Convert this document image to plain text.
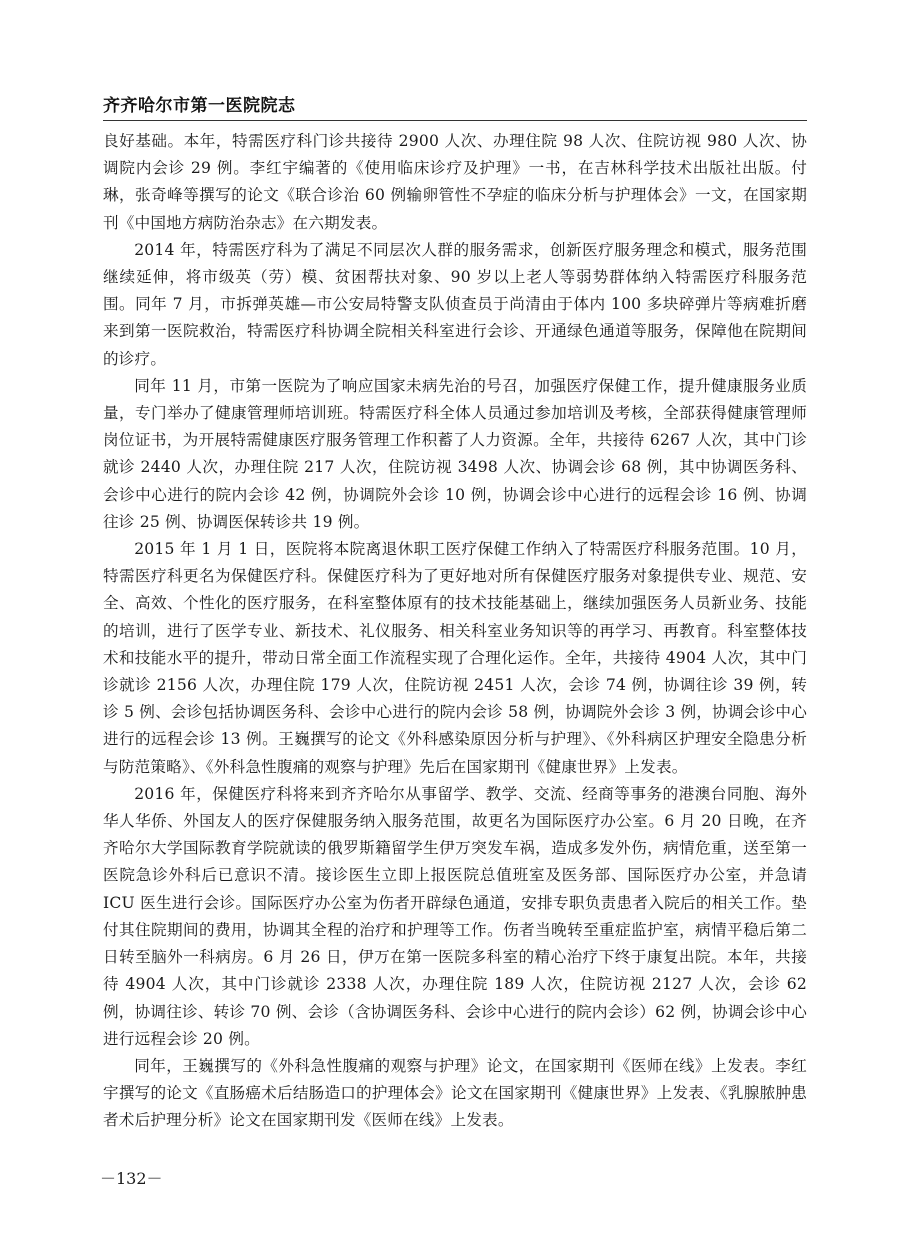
齐齐哈尔市第一医院院志

良好基础。本年，特需医疗科门诊共接待 2900 人次、办理住院 98 人次、住院访视 980 人次、协调院内会诊 29 例。李红宇编著的《使用临床诊疗及护理》一书，在吉林科学技术出版社出版。付琳，张奇峰等撰写的论文《联合诊治 60 例输卵管性不孕症的临床分析与护理体会》一文，在国家期刊《中国地方病防治杂志》在六期发表。

2014 年，特需医疗科为了满足不同层次人群的服务需求，创新医疗服务理念和模式，服务范围继续延伸，将市级英（劳）模、贫困帮扶对象、90 岁以上老人等弱势群体纳入特需医疗科服务范围。同年 7 月，市拆弹英雄—市公安局特警支队侦查员于尚清由于体内 100 多块碎弹片等病难折磨来到第一医院救治，特需医疗科协调全院相关科室进行会诊、开通绿色通道等服务，保障他在院期间的诊疗。

同年 11 月，市第一医院为了响应国家未病先治的号召，加强医疗保健工作，提升健康服务业质量，专门举办了健康管理师培训班。特需医疗科全体人员通过参加培训及考核，全部获得健康管理师岗位证书，为开展特需健康医疗服务管理工作积蓄了人力资源。全年，共接待 6267 人次，其中门诊就诊 2440 人次，办理住院 217 人次，住院访视 3498 人次、协调会诊 68 例，其中协调医务科、会诊中心进行的院内会诊 42 例，协调院外会诊 10 例，协调会诊中心进行的远程会诊 16 例、协调往诊 25 例、协调医保转诊共 19 例。

2015 年 1 月 1 日，医院将本院离退休职工医疗保健工作纳入了特需医疗科服务范围。10 月，特需医疗科更名为保健医疗科。保健医疗科为了更好地对所有保健医疗服务对象提供专业、规范、安全、高效、个性化的医疗服务，在科室整体原有的技术技能基础上，继续加强医务人员新业务、技能的培训，进行了医学专业、新技术、礼仪服务、相关科室业务知识等的再学习、再教育。科室整体技术和技能水平的提升，带动日常全面工作流程实现了合理化运作。全年，共接待 4904 人次，其中门诊就诊 2156 人次，办理住院 179 人次，住院访视 2451 人次，会诊 74 例，协调往诊 39 例，转诊 5 例、会诊包括协调医务科、会诊中心进行的院内会诊 58 例，协调院外会诊 3 例，协调会诊中心进行的远程会诊 13 例。王巍撰写的论文《外科感染原因分析与护理》、《外科病区护理安全隐患分析与防范策略》、《外科急性腹痛的观察与护理》先后在国家期刊《健康世界》上发表。

2016 年，保健医疗科将来到齐齐哈尔从事留学、教学、交流、经商等事务的港澳台同胞、海外华人华侨、外国友人的医疗保健服务纳入服务范围，故更名为国际医疗办公室。6 月 20 日晚，在齐齐哈尔大学国际教育学院就读的俄罗斯籍留学生伊万突发车祸，造成多发外伤，病情危重，送至第一医院急诊外科后已意识不清。接诊医生立即上报医院总值班室及医务部、国际医疗办公室，并急请 ICU 医生进行会诊。国际医疗办公室为伤者开辟绿色通道，安排专职负责患者入院后的相关工作。垫付其住院期间的费用，协调其全程的治疗和护理等工作。伤者当晚转至重症监护室，病情平稳后第二日转至脑外一科病房。6 月 26 日，伊万在第一医院多科室的精心治疗下终于康复出院。本年，共接待 4904 人次，其中门诊就诊 2338 人次，办理住院 189 人次，住院访视 2127 人次，会诊 62 例，协调往诊、转诊 70 例、会诊（含协调医务科、会诊中心进行的院内会诊）62 例，协调会诊中心进行远程会诊 20 例。

同年，王巍撰写的《外科急性腹痛的观察与护理》论文，在国家期刊《医师在线》上发表。李红宇撰写的论文《直肠癌术后结肠造口的护理体会》论文在国家期刊《健康世界》上发表、《乳腺脓肿患者术后护理分析》论文在国家期刊发《医师在线》上发表。

－132－
